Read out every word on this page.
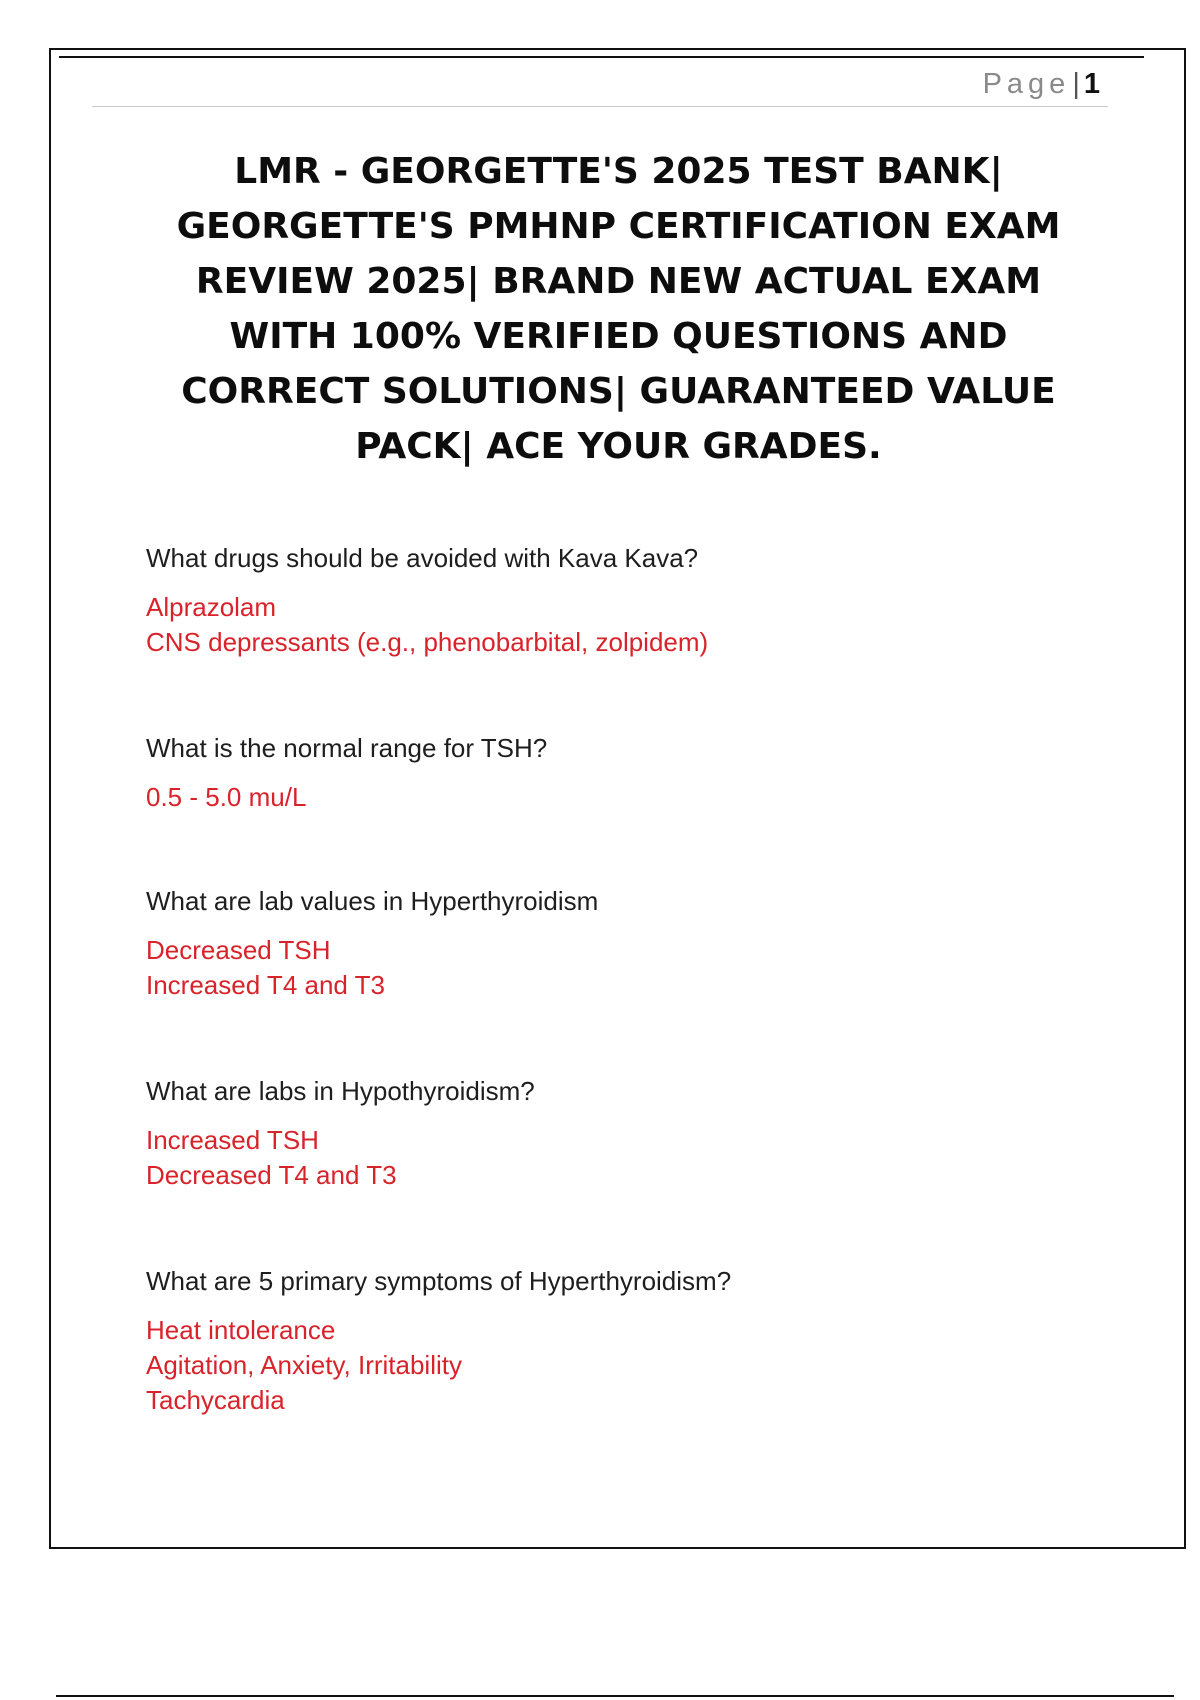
Page| 1
LMR - GEORGETTE'S 2025 TEST BANK|
GEORGETTE'S PMHNP CERTIFICATION EXAM
REVIEW 2025| BRAND NEW ACTUAL EXAM
WITH 100% VERIFIED QUESTIONS AND
CORRECT SOLUTIONS| GUARANTEED VALUE
PACK| ACE YOUR GRADES.
What drugs should be avoided with Kava Kava?
Alprazolam
CNS depressants (e.g., phenobarbital, zolpidem)
What is the normal range for TSH?
0.5 - 5.0 mu/L
What are lab values in Hyperthyroidism
Decreased TSH
Increased T4 and T3
What are labs in Hypothyroidism?
Increased TSH
Decreased T4 and T3
What are 5 primary symptoms of Hyperthyroidism?
Heat intolerance
Agitation, Anxiety, Irritability
Tachycardia
